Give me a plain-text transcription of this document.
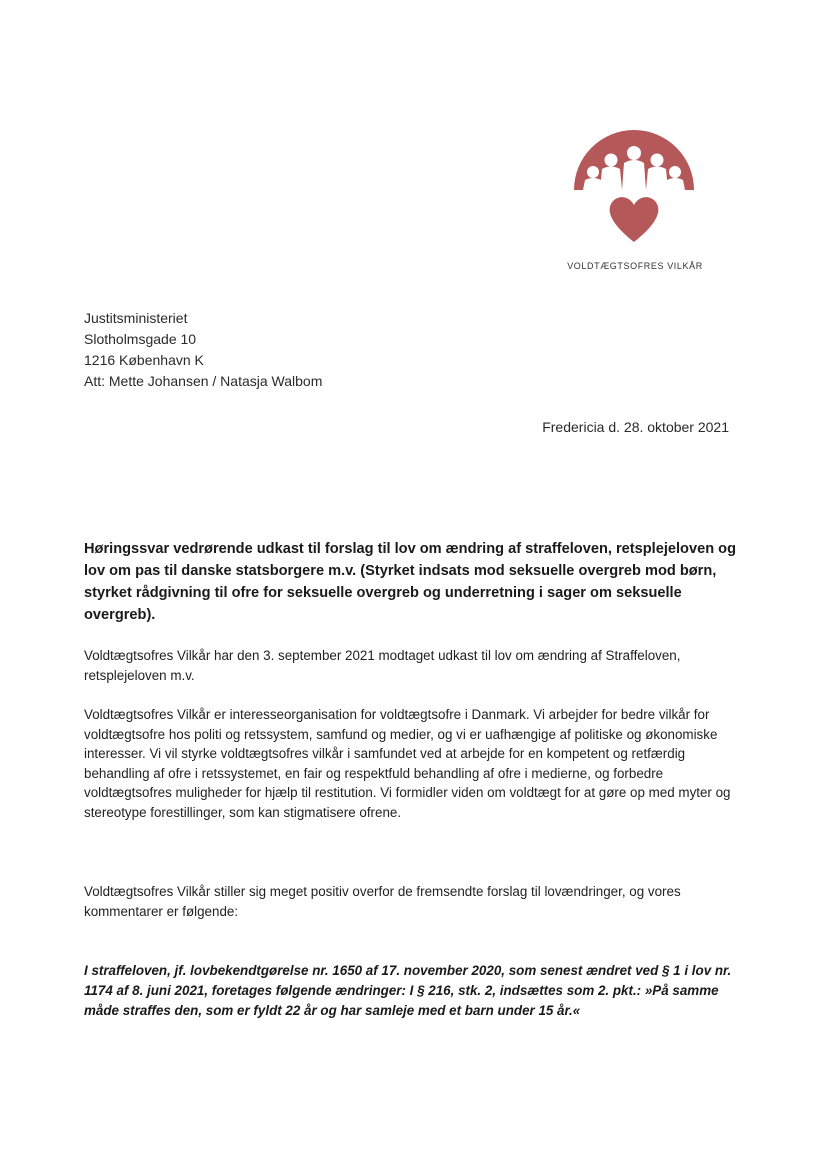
VOLDTÆGTSOFRES VILKÅR
Justitsministeriet
Slotholmsgade 10
1216 København K
Att: Mette Johansen / Natasja Walbom
Fredericia d. 28. oktober 2021
Høringssvar vedrørende udkast til forslag til lov om ændring af straffeloven, retsplejeloven og lov om pas til danske statsborgere m.v. (Styrket indsats mod seksuelle overgreb mod børn, styrket rådgivning til ofre for seksuelle overgreb og underretning i sager om seksuelle overgreb).
Voldtægtsofres Vilkår har den 3. september 2021 modtaget udkast til lov om ændring af Straffeloven, retsplejeloven m.v.
Voldtægtsofres Vilkår er interesseorganisation for voldtægtsofre i Danmark. Vi arbejder for bedre vilkår for voldtægtsofre hos politi og retssystem, samfund og medier, og vi er uafhængige af politiske og økonomiske interesser. Vi vil styrke voldtægtsofres vilkår i samfundet ved at arbejde for en kompetent og retfærdig behandling af ofre i retssystemet, en fair og respektfuld behandling af ofre i medierne, og forbedre voldtægtsofres muligheder for hjælp til restitution. Vi formidler viden om voldtægt for at gøre op med myter og stereotype forestillinger, som kan stigmatisere ofrene.
Voldtægtsofres Vilkår stiller sig meget positiv overfor de fremsendte forslag til lovændringer, og vores kommentarer er følgende:
I straffeloven, jf. lovbekendtgørelse nr. 1650 af 17. november 2020, som senest ændret ved § 1 i lov nr. 1174 af 8. juni 2021, foretages følgende ændringer: I § 216, stk. 2, indsættes som 2. pkt.: »På samme måde straffes den, som er fyldt 22 år og har samleje med et barn under 15 år.«
